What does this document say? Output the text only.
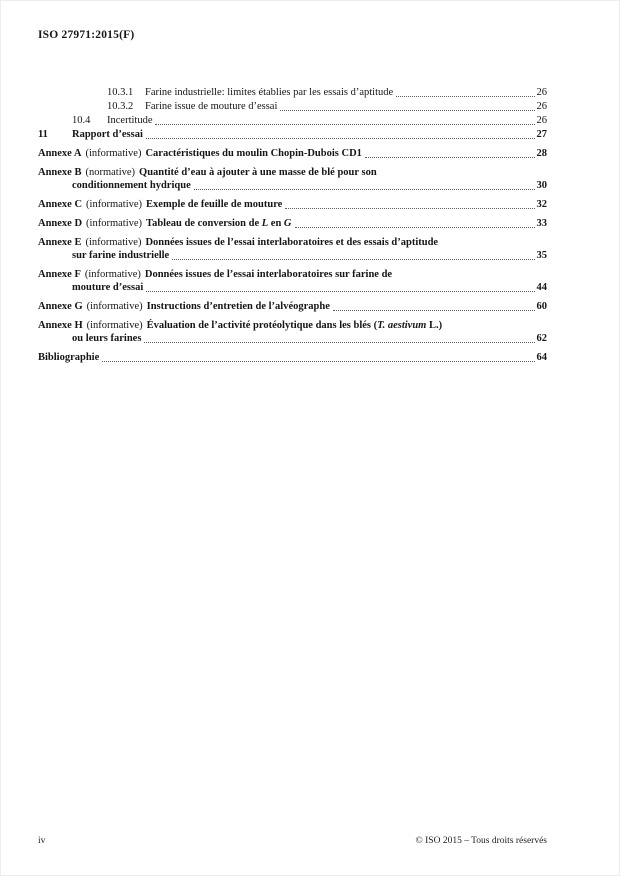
ISO 27971:2015(F)
10.3.1	Farine industrielle: limites établies par les essais d’aptitude	26
10.3.2	Farine issue de mouture d’essai	26
10.4	Incertitude	26
11	Rapport d’essai	27
Annexe A (informative) Caractéristiques du moulin Chopin-Dubois CD1	28
Annexe B (normative) Quantité d’eau à ajouter à une masse de blé pour son
conditionnement hydrique	30
Annexe C (informative) Exemple de feuille de mouture	32
Annexe D (informative) Tableau de conversion de L en G	33
Annexe E (informative) Données issues de l’essai interlaboratoires et des essais d’aptitude
sur farine industrielle	35
Annexe F (informative) Données issues de l’essai interlaboratoires sur farine de
mouture d’essai	44
Annexe G (informative) Instructions d’entretien de l’alvéographe	60
Annexe H (informative) Évaluation de l’activité protéolytique dans les blés (T. aestivum L.)
ou leurs farines	62
Bibliographie	64
iv	© ISO 2015 – Tous droits réservés
